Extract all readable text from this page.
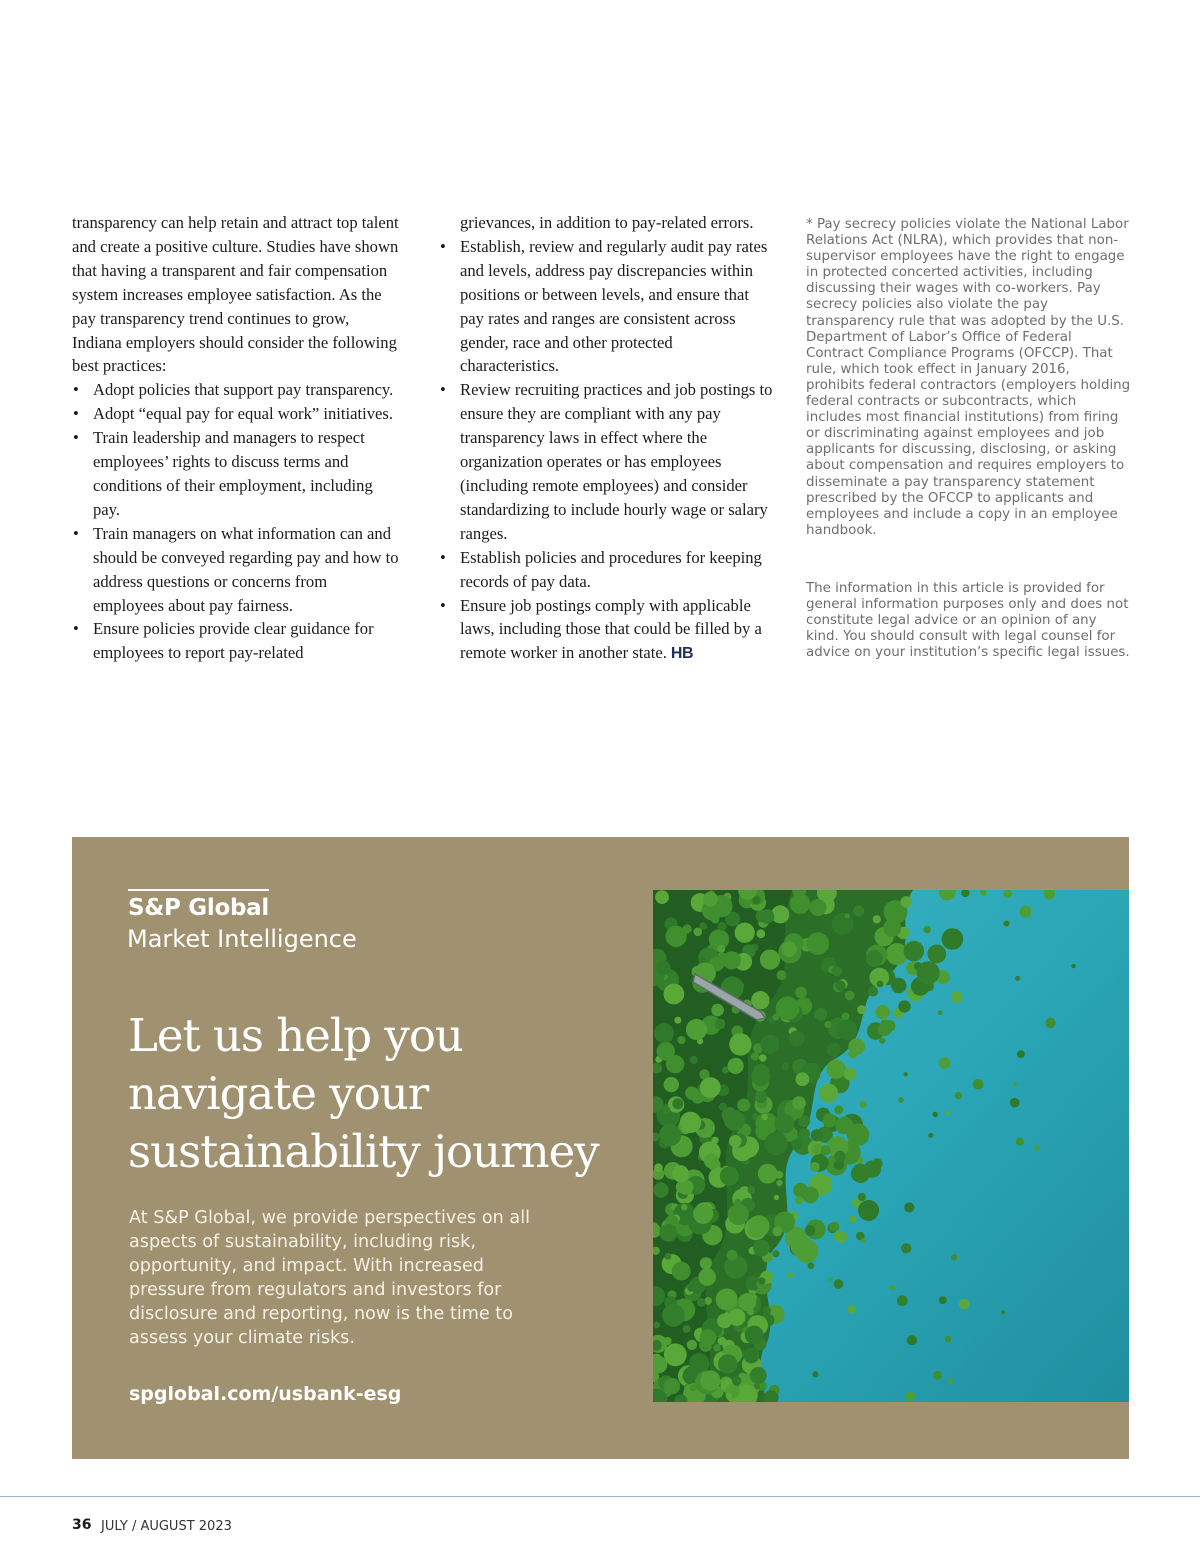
transparency can help retain and attract top talent and create a positive culture. Studies have shown that having a transparent and fair compensation system increases employee satisfaction. As the pay transparency trend continues to grow, Indiana employers should consider the following best practices:

• Adopt policies that support pay transparency.
• Adopt “equal pay for equal work” initiatives.
• Train leadership and managers to respect employees’ rights to discuss terms and conditions of their employment, including pay.
• Train managers on what information can and should be conveyed regarding pay and how to address questions or concerns from employees about pay fairness.
• Ensure policies provide clear guidance for employees to report pay-related

grievances, in addition to pay-related errors.

• Establish, review and regularly audit pay rates and levels, address pay discrepancies within positions or between levels, and ensure that pay rates and ranges are consistent across gender, race and other protected characteristics.
• Review recruiting practices and job postings to ensure they are compliant with any pay transparency laws in effect where the organization operates or has employees (including remote employees) and consider standardizing to include hourly wage or salary ranges.
• Establish policies and procedures for keeping records of pay data.
• Ensure job postings comply with applicable laws, including those that could be filled by a remote worker in another state. HB
* Pay secrecy policies violate the National Labor Relations Act (NLRA), which provides that non-supervisor employees have the right to engage in protected concerted activities, including discussing their wages with co-workers. Pay secrecy policies also violate the pay transparency rule that was adopted by the U.S. Department of Labor’s Office of Federal Contract Compliance Programs (OFCCP). That rule, which took effect in January 2016, prohibits federal contractors (employers holding federal contracts or subcontracts, which includes most financial institutions) from firing or discriminating against employees and job applicants for discussing, disclosing, or asking about compensation and requires employers to disseminate a pay transparency statement prescribed by the OFCCP to applicants and employees and include a copy in an employee handbook.
The information in this article is provided for general information purposes only and does not constitute legal advice or an opinion of any kind. You should consult with legal counsel for advice on your institution’s specific legal issues.
S&P Global
Market Intelligence
Let us help you navigate your sustainability journey
At S&P Global, we provide perspectives on all aspects of sustainability, including risk, opportunity, and impact. With increased pressure from regulators and investors for disclosure and reporting, now is the time to assess your climate risks.
spglobal.com/usbank-esg
36 JULY / AUGUST 2023
